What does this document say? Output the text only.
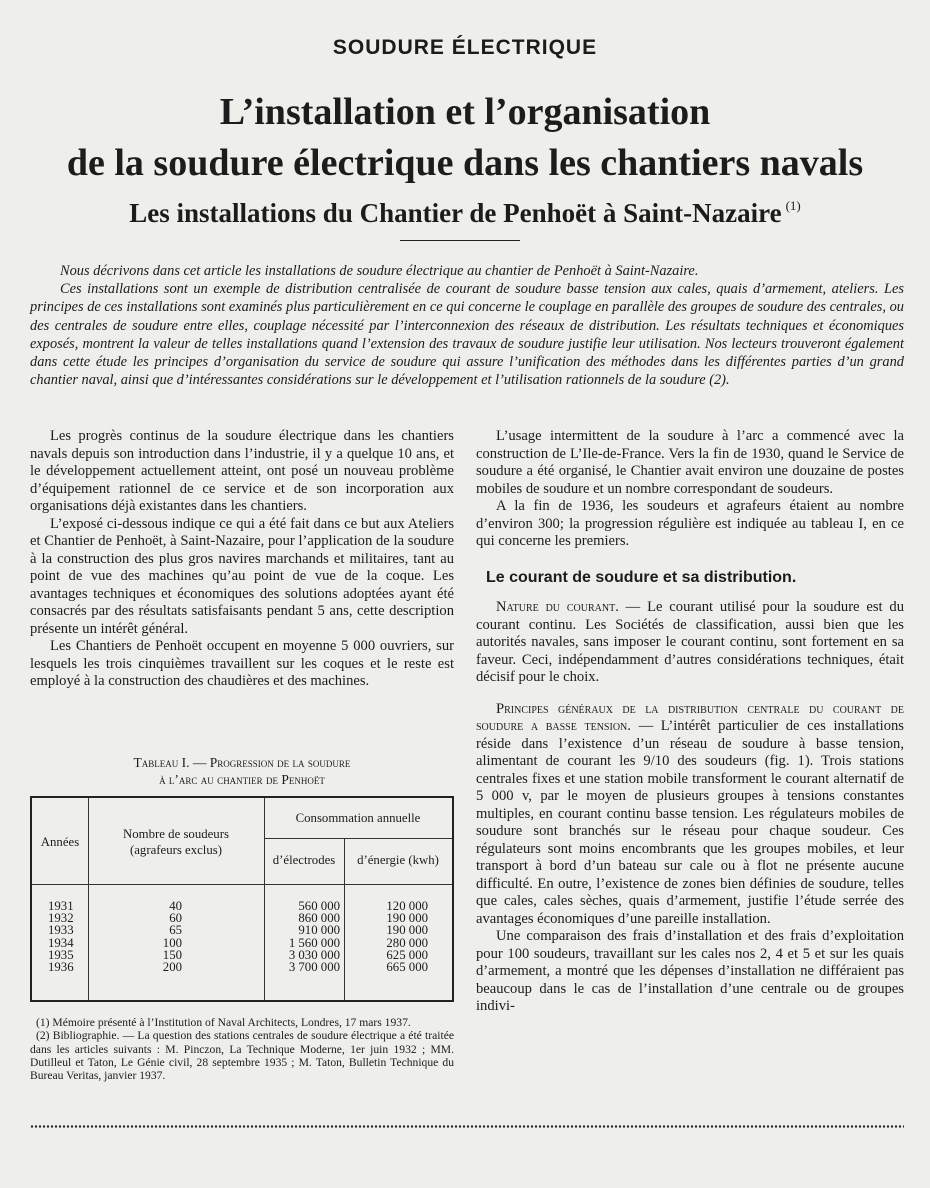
SOUDURE ÉLECTRIQUE
L’installation et l’organisation
de la soudure électrique dans les chantiers navals
Les installations du Chantier de Penhoët à Saint-Nazaire $^{(1)}$

Nous décrivons dans cet article les installations de soudure électrique au chantier de Penhoët à Saint-Nazaire.

Ces installations sont un exemple de distribution centralisée de courant de soudure basse tension aux cales, quais d’armement, ateliers. Les principes de ces installations sont examinés plus particulièrement en ce qui concerne le couplage en parallèle des groupes de soudure des centrales, ou des centrales de soudure entre elles, couplage nécessité par l’interconnexion des réseaux de distribution. Les résultats techniques et économiques exposés, montrent la valeur de telles installations quand l’extension des travaux de soudure justifie leur utilisation. Nos lecteurs trouveront également dans cette étude les principes d’organisation du service de soudure qui assure l’unification des méthodes dans les différentes parties d’un grand chantier naval, ainsi que d’intéressantes considérations sur le développement et l’utilisation rationnels de la soudure (2).

Les progrès continus de la soudure électrique dans les chantiers navals depuis son introduction dans l’industrie, il y a quelque 10 ans, et le développement actuellement atteint, ont posé un nouveau problème d’équipement rationnel de ce service et de son incorporation aux organisations déjà existantes dans les chantiers.

L’exposé ci-dessous indique ce qui a été fait dans ce but aux Ateliers et Chantier de Penhoët, à Saint-Nazaire, pour l’application de la soudure à la construction des plus gros navires marchands et militaires, tant au point de vue des machines qu’au point de vue de la coque. Les avantages techniques et économiques des solutions adoptées ayant été consacrés par des résultats satisfaisants pendant 5 ans, cette description présente un intérêt général.

Les Chantiers de Penhoët occupent en moyenne 5 000 ouvriers, sur lesquels les trois cinquièmes travaillent sur les coques et le reste est employé à la construction des chaudières et des machines.

Tableau I. — Progression de la soudure
à l’arc au chantier de Penhoët
Années
Nombre de soudeurs
(agrafeurs exclus)
Consommation annuelle
d’électrodes	d’énergie (kwh)
1931
1932
1933
1934
1935
1936
40
60
65
100
150
200
560 000
860 000
910 000
1 560 000
3 030 000
3 700 000
120 000
190 000
190 000
280 000
625 000
665 000

(1) Mémoire présenté à l’Institution of Naval Architects, Londres, 17 mars 1937.

(2) Bibliographie. — La question des stations centrales de soudure électrique a été traitée dans les articles suivants : M. Pinczon, La Technique Moderne, 1er juin 1932 ; MM. Dutilleul et Taton, Le Génie civil, 28 septembre 1935 ; M. Taton, Bulletin Technique du Bureau Veritas, janvier 1937.

L’usage intermittent de la soudure à l’arc a commencé avec la construction de L’Ile-de-France. Vers la fin de 1930, quand le Service de soudure a été organisé, le Chantier avait environ une douzaine de postes mobiles de soudure et un nombre correspondant de soudeurs.

A la fin de 1936, les soudeurs et agrafeurs étaient au nombre d’environ 300; la progression régulière est indiquée au tableau I, en ce qui concerne les premiers.

Le courant de soudure et sa distribution.

Nature du courant. — Le courant utilisé pour la soudure est du courant continu. Les Sociétés de classification, aussi bien que les autorités navales, sans imposer le courant continu, sont fortement en sa faveur. Ceci, indépendamment d’autres considérations techniques, était décisif pour le choix.

Principes généraux de la distribution centrale du courant de soudure a basse tension. — L’intérêt particulier de ces installations réside dans l’existence d’un réseau de soudure à basse tension, alimentant de courant les 9/10 des soudeurs (fig. 1). Trois stations centrales fixes et une station mobile transforment le courant alternatif de 5 000 v, par le moyen de plusieurs groupes à tensions constantes multiples, en courant continu basse tension. Les régulateurs mobiles de soudure sont branchés sur le réseau pour chaque soudeur. Ces régulateurs sont moins encombrants que les groupes mobiles, et leur transport à bord d’un bateau sur cale ou à flot ne présente aucune difficulté. En outre, l’existence de zones bien définies de soudure, telles que cales, cales sèches, quais d’armement, justifie l’étude serrée des avantages économiques d’une pareille installation.

Une comparaison des frais d’installation et des frais d’exploitation pour 100 soudeurs, travaillant sur les cales nos 2, 4 et 5 et sur les quais d’armement, a montré que les dépenses d’installation ne différaient pas beaucoup dans le cas de l’installation d’une centrale ou de groupes indivi-
